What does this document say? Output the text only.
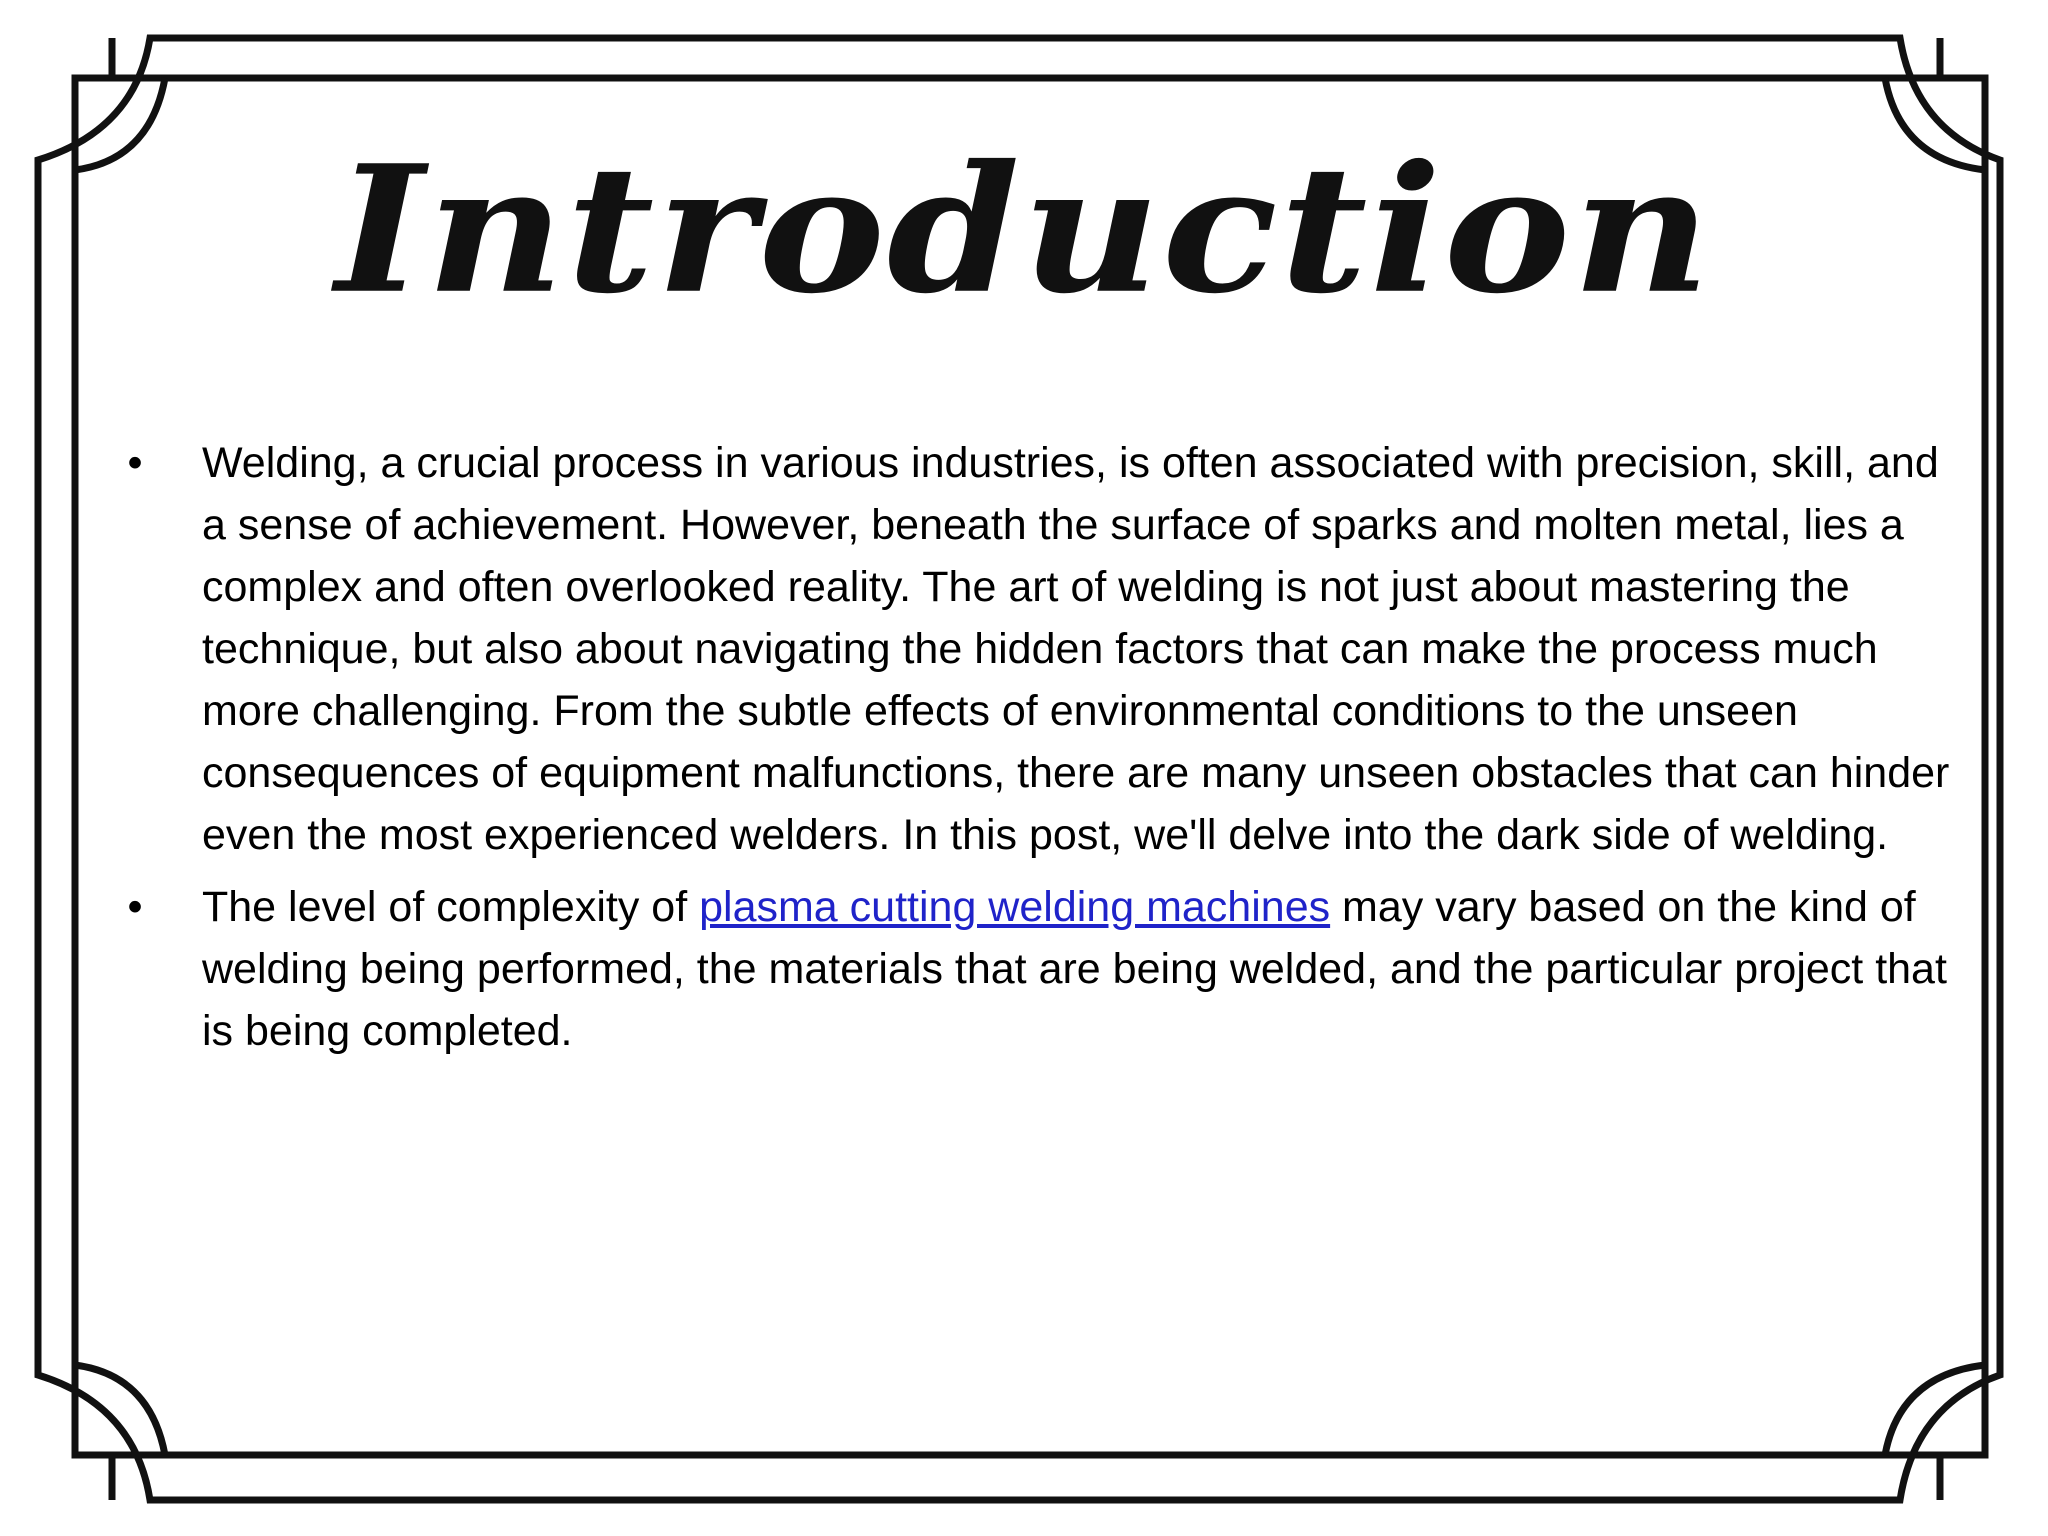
Introduction
• Welding, a crucial process in various industries, is often associated with precision, skill, and a sense of achievement. However, beneath the surface of sparks and molten metal, lies a complex and often overlooked reality. The art of welding is not just about mastering the technique, but also about navigating the hidden factors that can make the process much more challenging. From the subtle effects of environmental conditions to the unseen consequences of equipment malfunctions, there are many unseen obstacles that can hinder even the most experienced welders. In this post, we'll delve into the dark side of welding.
• The level of complexity of plasma cutting welding machines may vary based on the kind of welding being performed, the materials that are being welded, and the particular project that is being completed.
